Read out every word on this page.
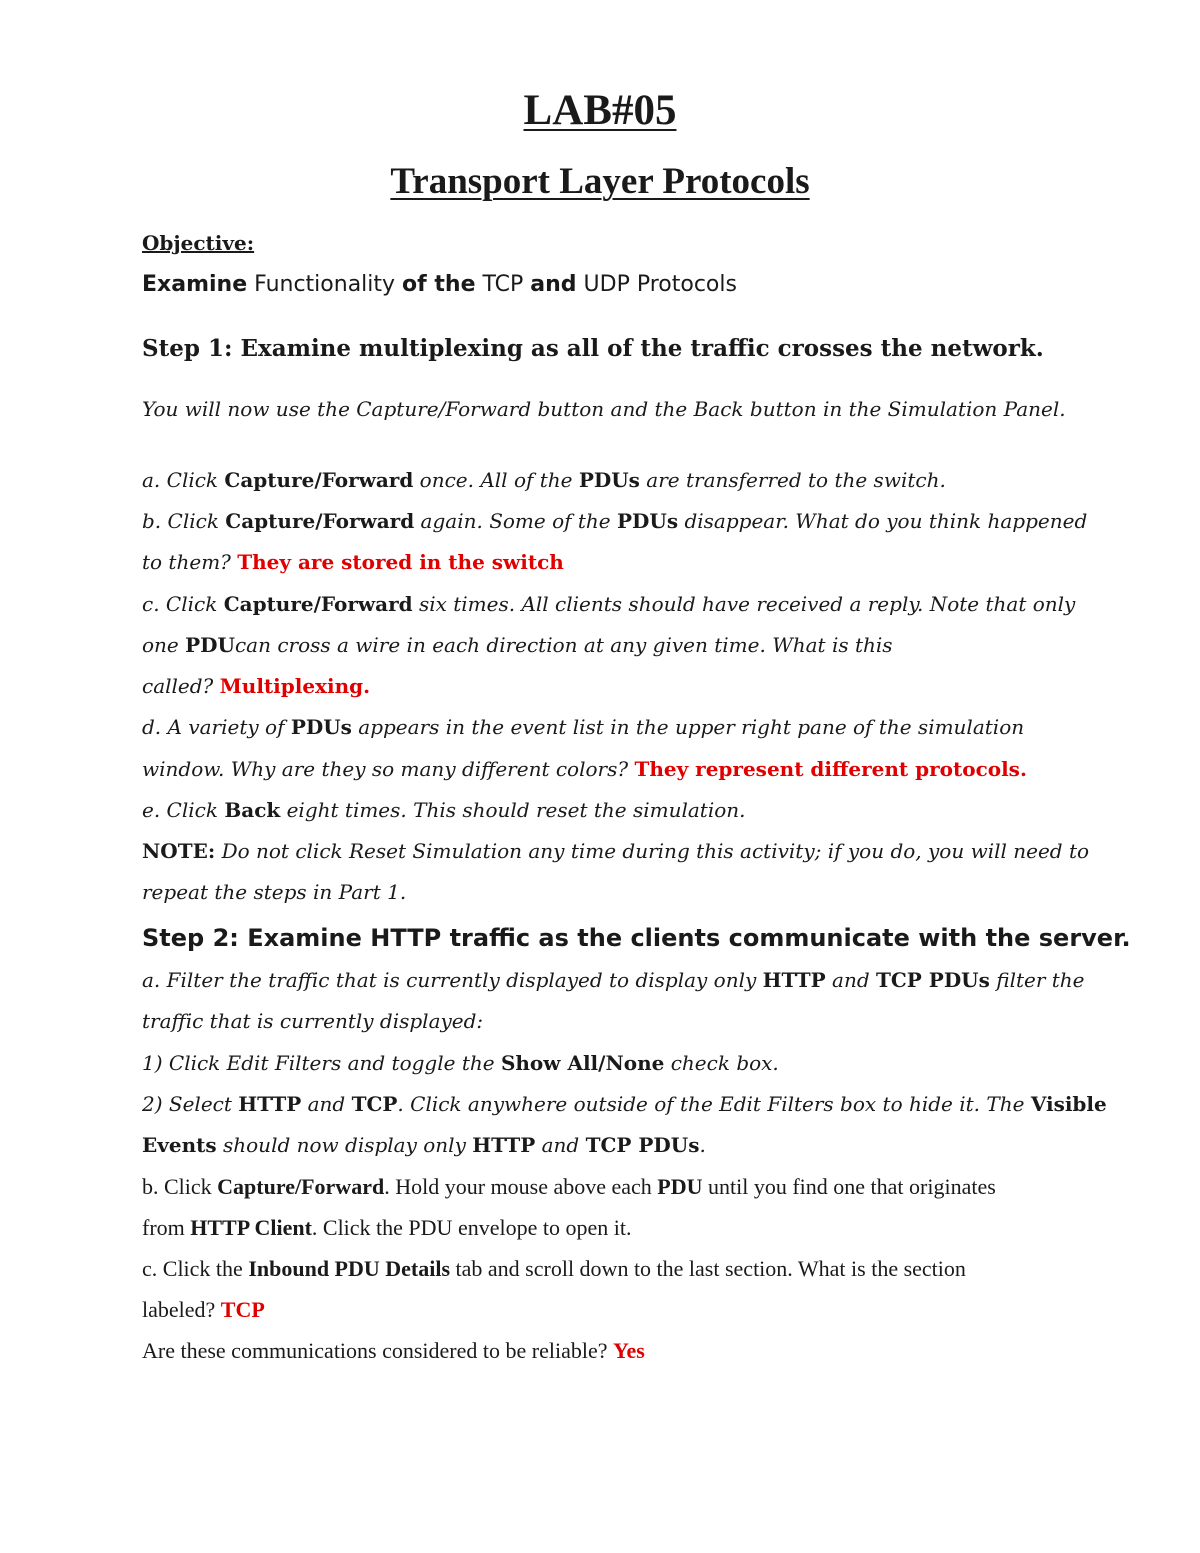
LAB#05
Transport Layer Protocols

Objective:

Examine Functionality of the TCP and UDP Protocols

Step 1: Examine multiplexing as all of the traffic crosses the network.

You will now use the Capture/Forward button and the Back button in the Simulation Panel.

a. Click Capture/Forward once. All of the PDUs are transferred to the switch.

b. Click Capture/Forward again. Some of the PDUs disappear. What do you think happened

to them? They are stored in the switch

c. Click Capture/Forward six times. All clients should have received a reply. Note that only

one PDUcan cross a wire in each direction at any given time. What is this

called? Multiplexing.

d. A variety of PDUs appears in the event list in the upper right pane of the simulation

window. Why are they so many different colors? They represent different protocols.

e. Click Back eight times. This should reset the simulation.

NOTE: Do not click Reset Simulation any time during this activity; if you do, you will need to

repeat the steps in Part 1.

Step 2: Examine HTTP traffic as the clients communicate with the server.

a. Filter the traffic that is currently displayed to display only HTTP and TCP PDUs filter the

traffic that is currently displayed:

1) Click Edit Filters and toggle the Show All/None check box.

2) Select HTTP and TCP. Click anywhere outside of the Edit Filters box to hide it. The Visible

Events should now display only HTTP and TCP PDUs.

b. Click Capture/Forward. Hold your mouse above each PDU until you find one that originates

from HTTP Client. Click the PDU envelope to open it.

c. Click the Inbound PDU Details tab and scroll down to the last section. What is the section

labeled? TCP

Are these communications considered to be reliable? Yes
